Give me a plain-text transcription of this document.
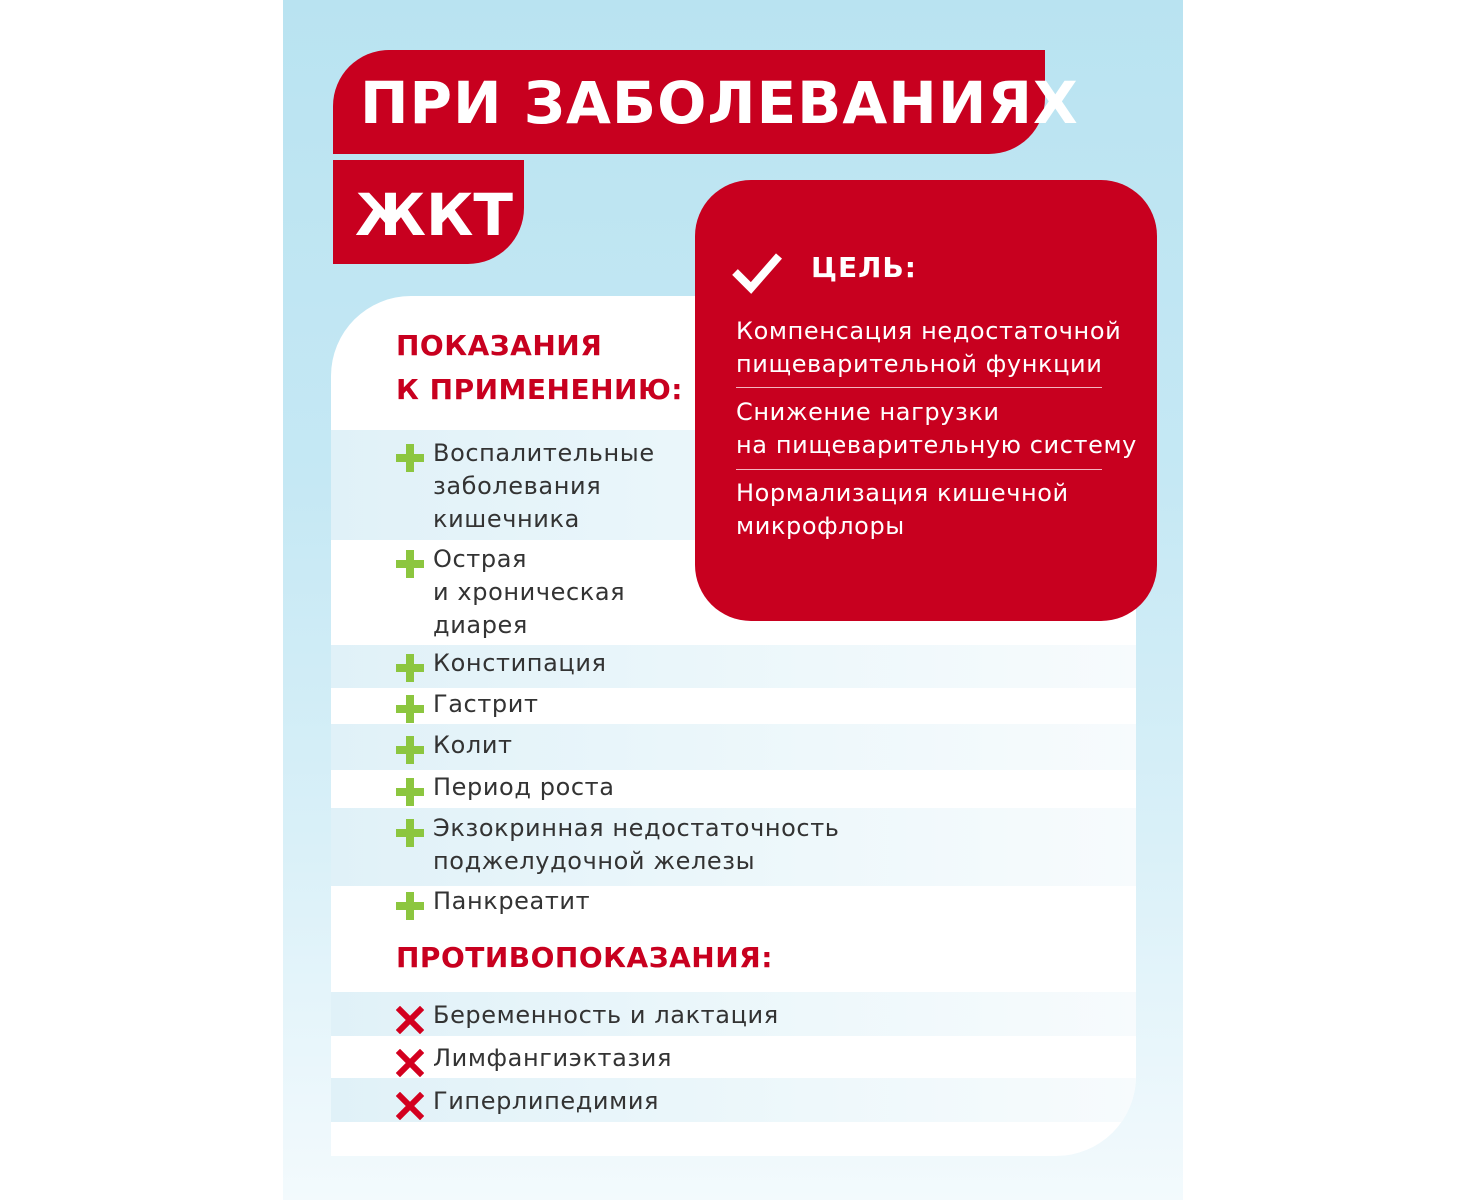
ПРИ ЗАБОЛЕВАНИЯХ
ЖКТ
ПОКАЗАНИЯ
К ПРИМЕНЕНИЮ:
Воспалительные
заболевания
кишечника
Острая
и хроническая
диарея
Констипация
Гастрит
Колит
Период роста
Экзокринная недостаточность
поджелудочной железы
Панкреатит
ПРОТИВОПОКАЗАНИЯ:
Беременность и лактация
Лимфангиэктазия
Гиперлипедимия
ЦЕЛЬ:
Компенсация недостаточной
пищеварительной функции
Снижение нагрузки
на пищеварительную систему
Нормализация кишечной
микрофлоры
